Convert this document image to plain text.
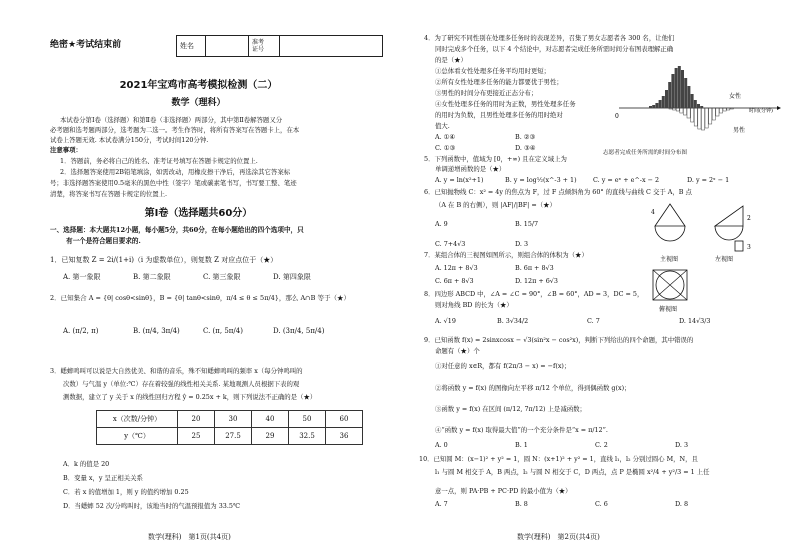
绝密★考试结束前	姓名		准考
证号	
2021年宝鸡市高考模拟检测（二）
数学（理科）
本试卷分第Ⅰ卷（选择题）和第Ⅱ卷（非选择题）两部分，其中第Ⅱ卷解答题又分
必考题和选考题两部分，选考题为二选一。考生作答时，将所有答案写在答题卡上，在本
试卷上答题无效. 本试卷满分150分，考试时间120分钟.
注意事项：
1．答题前，务必将自己的姓名、准考证号填写在答题卡规定的位置上.
2．选择题答案使用2B铅笔填涂，如需改动，用橡皮擦干净后，再选涂其它答案标
号；非选择题答案使用0.5毫米的黑色中性（签字）笔或碳素笔书写，书写要工整、笔迹
清楚，将答案书写在答题卡规定的位置上.
第Ⅰ卷（选择题共60分）
一、选择题：本大题共12小题，每小题5分，共60分，在每小题给出的四个选项中，只
有一个是符合题目要求的.
1．已知复数 Z = 2i/(1+i)（i 为虚数单位），则复数 Z 对应点位于（★）
A. 第一象限	B. 第二象限	C. 第三象限	D. 第四象限
2．已知集合 A = {θ| cosθ<sinθ}，B = {θ| tanθ<sinθ，π/4 ≤ θ ≤ 5π/4}，那么 A∩B 等于（★）
A. (π/2, π)	B. (π/4, 3π/4)	C. (π, 5π/4)	D. (3π/4, 5π/4)
3．蟋蟀鸣叫可以说是大自然优美、和谐的音乐，殊不知蟋蟀鸣叫的频率 x（每分钟鸣叫的
次数）与气温 y（单位:℃）存在着较强的线性相关关系. 某地观测人员根据下表的观
测数据，建立了 y 关于 x 的线性回归方程 ŷ = 0.25x + k，则下列说法不正确的是（★）
x（次数/分钟）	20	30	40	50	60
y（℃）	25	27.5	29	32.5	36
A．k 的值是 20
B．变量 x，y 呈正相关关系
C．若 x 的值增加 1，则 y 的值约增加 0.25
D．当蟋蟀 52 次/分鸣叫时，该地当时的气温预报值为 33.5℃
数学(理科)　第1页(共4页)
4．为了研究不同性别在处理多任务时的表现差异，召集了男女志愿者各 300 名，让他们
同时完成多个任务，以下 4 个结论中，对志愿者完成任务所需时间分布图表理解正确
的是（★）
①总体看女性处理多任务平均用时更短；
②所有女性处理多任务的能力都要优于男性；
③男性的时间分布更接近正态分布；
④女性处理多任务的用时为正数，男性处理多任务
的用时为负数，且男性处理多任务的用时绝对
值大.
A. ①④	B. ②③
C. ①③	D. ③④
0
女性
男性
时间(分钟)
志愿者完成任务所需的时间分布图
5．下列函数中，值域为 [0，+∞) 且在定义域上为
单调递增函数的是（★）
A. y = ln(x²+1)	B. y = log½(x^-3 + 1)	C. y = eˣ + e^-x − 2	D. y = 2ˣ − 1
6．已知抛物线 C：x² = 4y 的焦点为 F，过 F 点倾斜角为 60° 的直线与曲线 C 交于 A，B 点
（A 在 B 的右侧），则 |AF|/|BF| =（★）
A. 9	B. 15/7
C. 7+4√3	D. 3
7．某组合体的三视图如图所示，则组合体的体积为（★）
A. 12π + 8√3	B. 6π + 8√3
C. 6π + 8√3	D. 12π + 6√3
4
主视图
2
3
左视图
俯视图
8．四边形 ABCD 中，∠A = ∠C = 90°，∠B = 60°，AD = 3，DC = 5，
则对角线 BD 的长为（★）
A. √19	B. 3√34/2	C. 7	D. 14√3/3
9．已知函数 f(x) = 2sinxcosx − √3(sin²x − cos²x)，判断下列给出的四个命题，其中错误的
命题有（★）个
①对任意的 x∈R，都有 f(2π/3 − x) = −f(x)；
②将函数 y = f(x) 的图像向左平移 π/12 个单位，得到偶函数 g(x)；
③函数 y = f(x) 在区间 (π/12, 7π/12) 上是减函数；
④“函数 y = f(x) 取得最大值”的一个充分条件是“x = π/12”.
A. 0	B. 1	C. 2	D. 3
10．已知圆 M：(x−1)² + y² = 1，圆 N：(x+1)² + y² = 1，直线 l₁，l₂ 分别过圆心 M，N，且
l₁ 与圆 M 相交于 A，B 两点，l₂ 与圆 N 相交于 C，D 两点，点 P 是椭圆 x²/4 + y²/3 = 1 上任
意一点，则 PA·PB + PC·PD 的最小值为（★）
A. 7	B. 8	C. 6	D. 8
数学(理科)　第2页(共4页)
